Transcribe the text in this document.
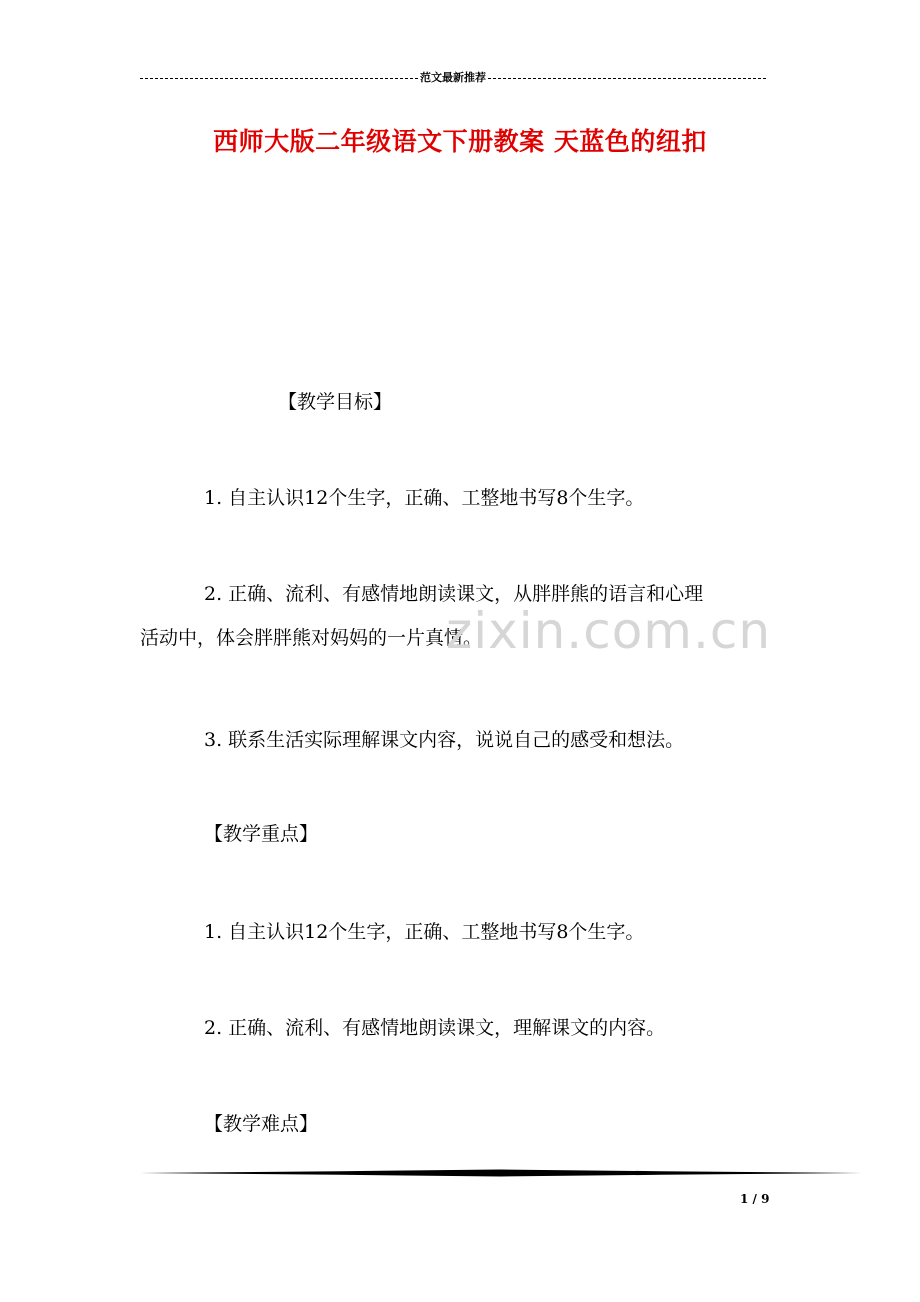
范文最新推荐
西师大版二年级语文下册教案 天蓝色的纽扣
【教学目标】
1. 自主认识12个生字，正确、工整地书写8个生字。
2. 正确、流利、有感情地朗读课文，从胖胖熊的语言和心理
活动中，体会胖胖熊对妈妈的一片真情。
3. 联系生活实际理解课文内容，说说自己的感受和想法。
【教学重点】
1. 自主认识12个生字，正确、工整地书写8个生字。
2. 正确、流利、有感情地朗读课文，理解课文的内容。
【教学难点】
zixin.com.cn
1 / 9
